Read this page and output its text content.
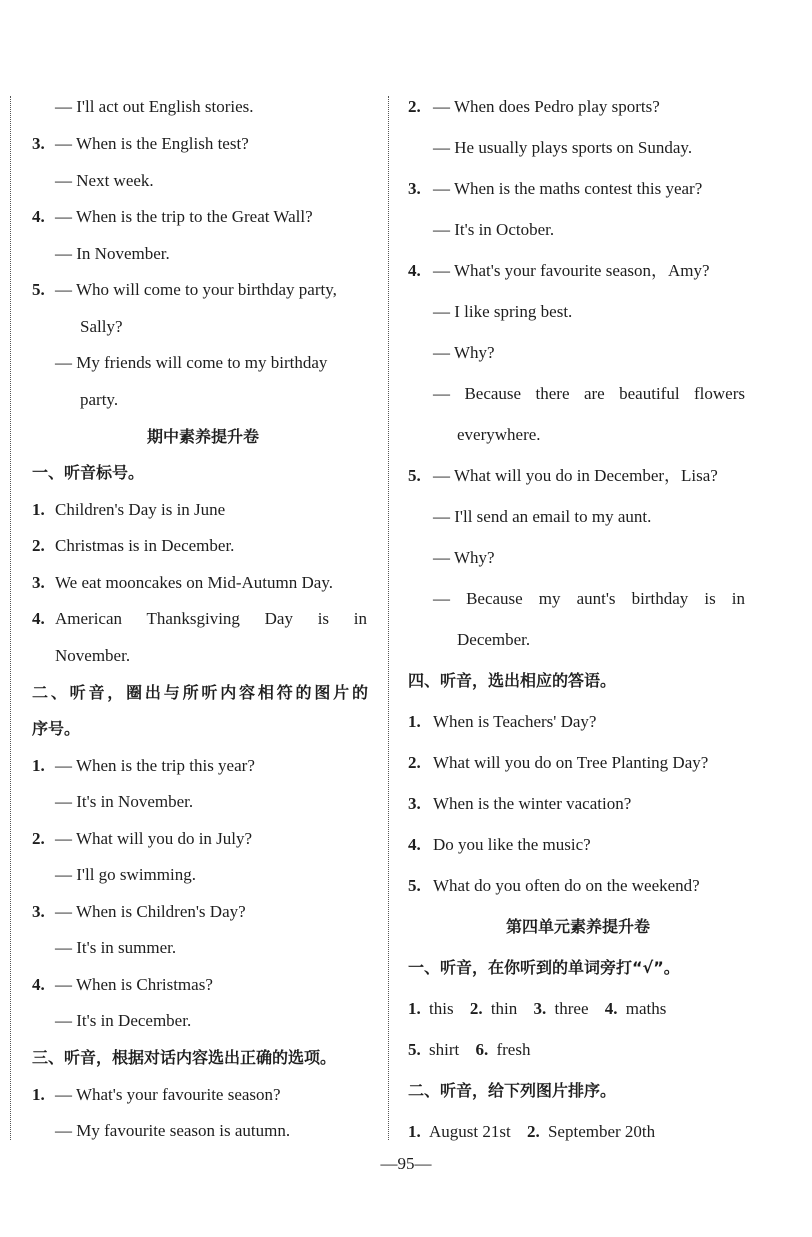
— I'll act out English stories.
3. — When is the English test?
— Next week.
4. — When is the trip to the Great Wall?
— In November.
5. — Who will come to your birthday party,
Sally?
— My friends will come to my birthday
party.
期中素养提升卷
一、听音标号。
1. Children's Day is in June
2. Christmas is in December.
3. We eat mooncakes on Mid-Autumn Day.
4. American Thanksgiving Day is in
November.
二、听音，圈出与所听内容相符的图片的
序号。
1. — When is the trip this year?
— It's in November.
2. — What will you do in July?
— I'll go swimming.
3. — When is Children's Day?
— It's in summer.
4. — When is Christmas?
— It's in December.
三、听音，根据对话内容选出正确的选项。
1. — What's your favourite season?
— My favourite season is autumn.
2. — When does Pedro play sports?
— He usually plays sports on Sunday.
3. — When is the maths contest this year?
— It's in October.
4. — What's your favourite season，Amy?
— I like spring best.
— Why?
— Because there are beautiful flowers
everywhere.
5. — What will you do in December，Lisa?
— I'll send an email to my aunt.
— Why?
— Because my aunt's birthday is in
December.
四、听音，选出相应的答语。
1. When is Teachers' Day?
2. What will you do on Tree Planting Day?
3. When is the winter vacation?
4. Do you like the music?
5. What do you often do on the weekend?
第四单元素养提升卷
一、听音，在你听到的单词旁打“√”。
1. this 2. thin 3. three 4. maths
5. shirt 6. fresh
二、听音，给下列图片排序。
1. August 21st 2. September 20th
—95—
